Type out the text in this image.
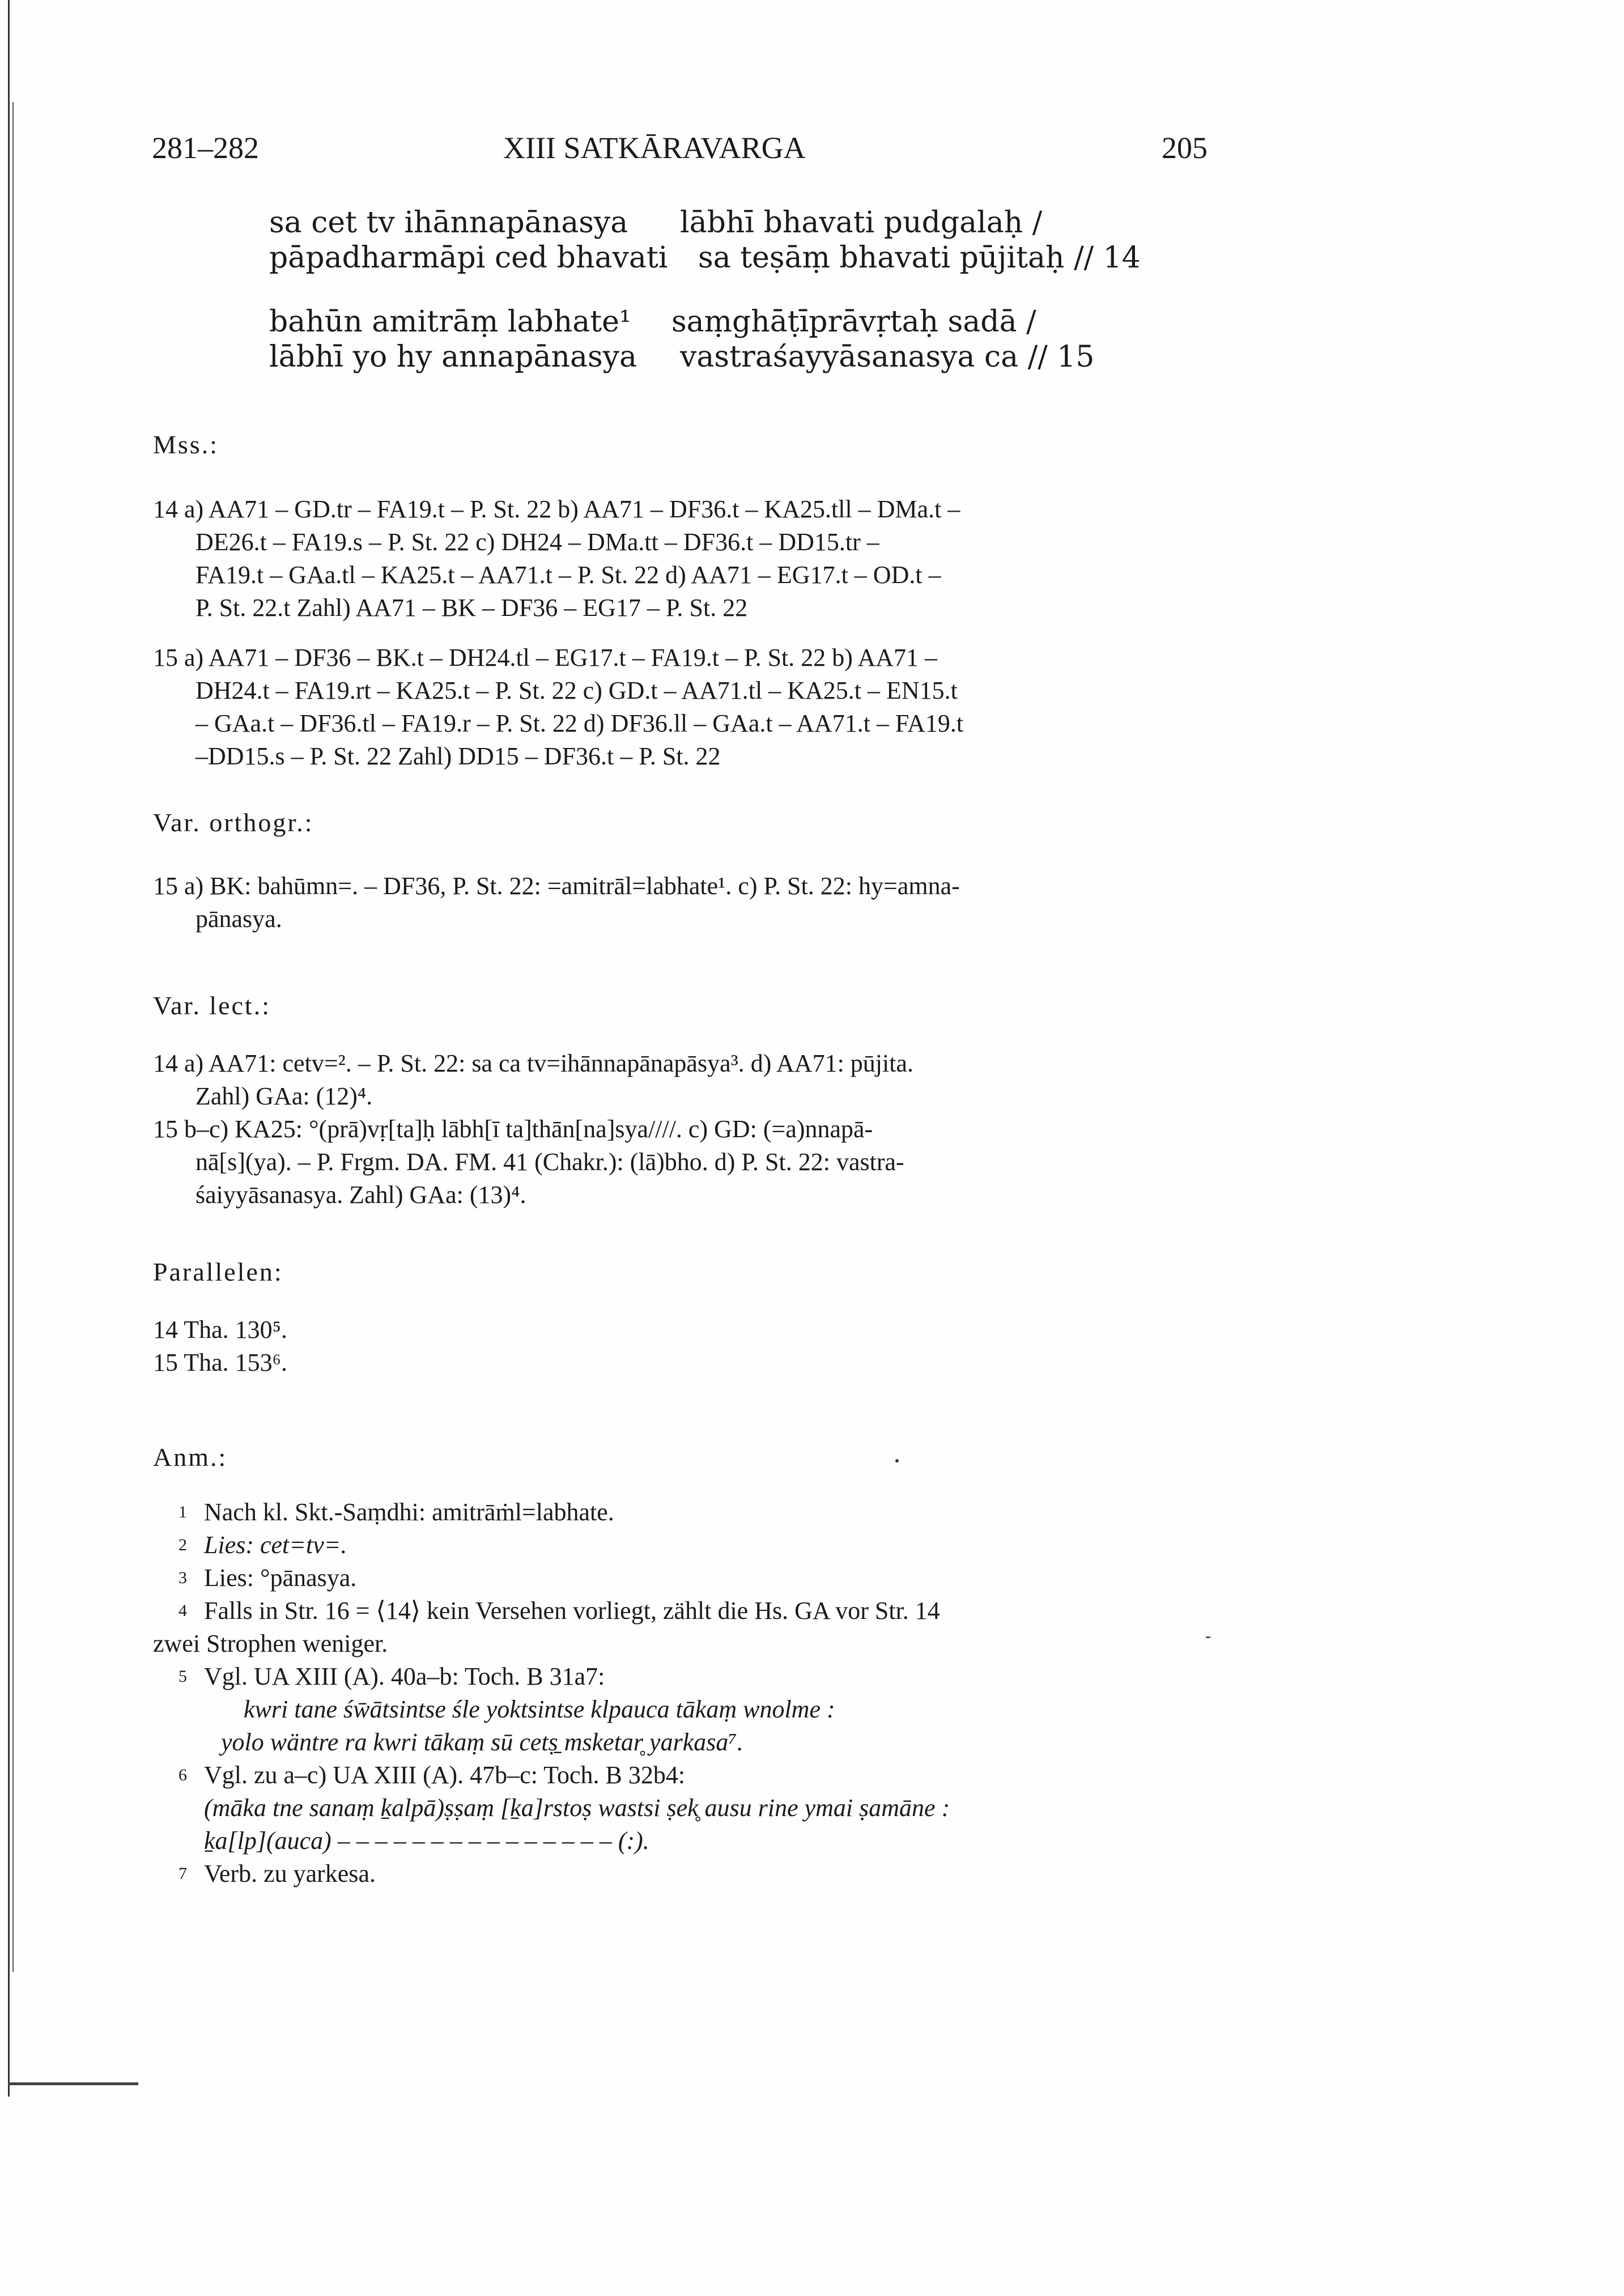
281–282	XIII SATKĀRAVARGA	205
sa cet tv ihānnapānasya lābhī bhavati pudgalaḥ /
pāpadharmāpi ced bhavati sa teṣāṃ bhavati pūjitaḥ // 14
bahūn amitrāṃ labhate¹ saṃghāṭīprāvṛtaḥ sadā /
lābhī yo hy annapānasya vastraśayyāsanasya ca // 15
Mss.:
14 a) AA71 – GD.tr – FA19.t – P. St. 22 b) AA71 – DF36.t – KA25.tll – DMa.t –
DE26.t – FA19.s – P. St. 22 c) DH24 – DMa.tt – DF36.t – DD15.tr –
FA19.t – GAa.tl – KA25.t – AA71.t – P. St. 22 d) AA71 – EG17.t – OD.t –
P. St. 22.t Zahl) AA71 – BK – DF36 – EG17 – P. St. 22
15 a) AA71 – DF36 – BK.t – DH24.tl – EG17.t – FA19.t – P. St. 22 b) AA71 –
DH24.t – FA19.rt – KA25.t – P. St. 22 c) GD.t – AA71.tl – KA25.t – EN15.t
– GAa.t – DF36.tl – FA19.r – P. St. 22 d) DF36.ll – GAa.t – AA71.t – FA19.t
–DD15.s – P. St. 22 Zahl) DD15 – DF36.t – P. St. 22
Var. orthogr.:
15 a) BK: bahūmn=. – DF36, P. St. 22: =amitrāl=labhate¹. c) P. St. 22: hy=amna-
pānasya.
Var. lect.:
14 a) AA71: cetv=². – P. St. 22: sa ca tv=ihānnapānapāsya³. d) AA71: pūjita.
Zahl) GAa: (12)⁴.
15 b–c) KA25: °(prā)vṛ[ta]ḥ lābh[ī ta]thān[na]sya////. c) GD: (=a)nnapā-
nā[s](ya). – P. Frgm. DA. FM. 41 (Chakr.): (lā)bho. d) P. St. 22: vastra-
śaiyyāsanasya. Zahl) GAa: (13)⁴.
Parallelen:
14 Tha. 130⁵.
15 Tha. 153⁶.
Anm.:
1 Nach kl. Skt.-Saṃdhi: amitrāṁl=labhate.
2 Lies: cet=tv=.
3 Lies: °pānasya.
4 Falls in Str. 16 = ⟨14⟩ kein Versehen vorliegt, zählt die Hs. GA vor Str. 14
zwei Strophen weniger.
5 Vgl. UA XIII (A). 40a–b: Toch. B 31a7:
kwri tane św̄ātsintse śle yoktsintse klpauca tākaṃ wnolme :
yolo wäntre ra kwri tākaṃ sū cetṣ̱ msketar̥ yarkasa⁷.
6 Vgl. zu a–c) UA XIII (A). 47b–c: Toch. B 32b4:
(māka tne sanaṃ ḵalpā)ṣṣaṃ [ḵa]rstoṣ wastsi ṣek̥ ausu rine ymai ṣamāne :
ḵa[lp](auca) – – – – – – – – – – – – – – – (:).
7 Verb. zu yarkesa.
